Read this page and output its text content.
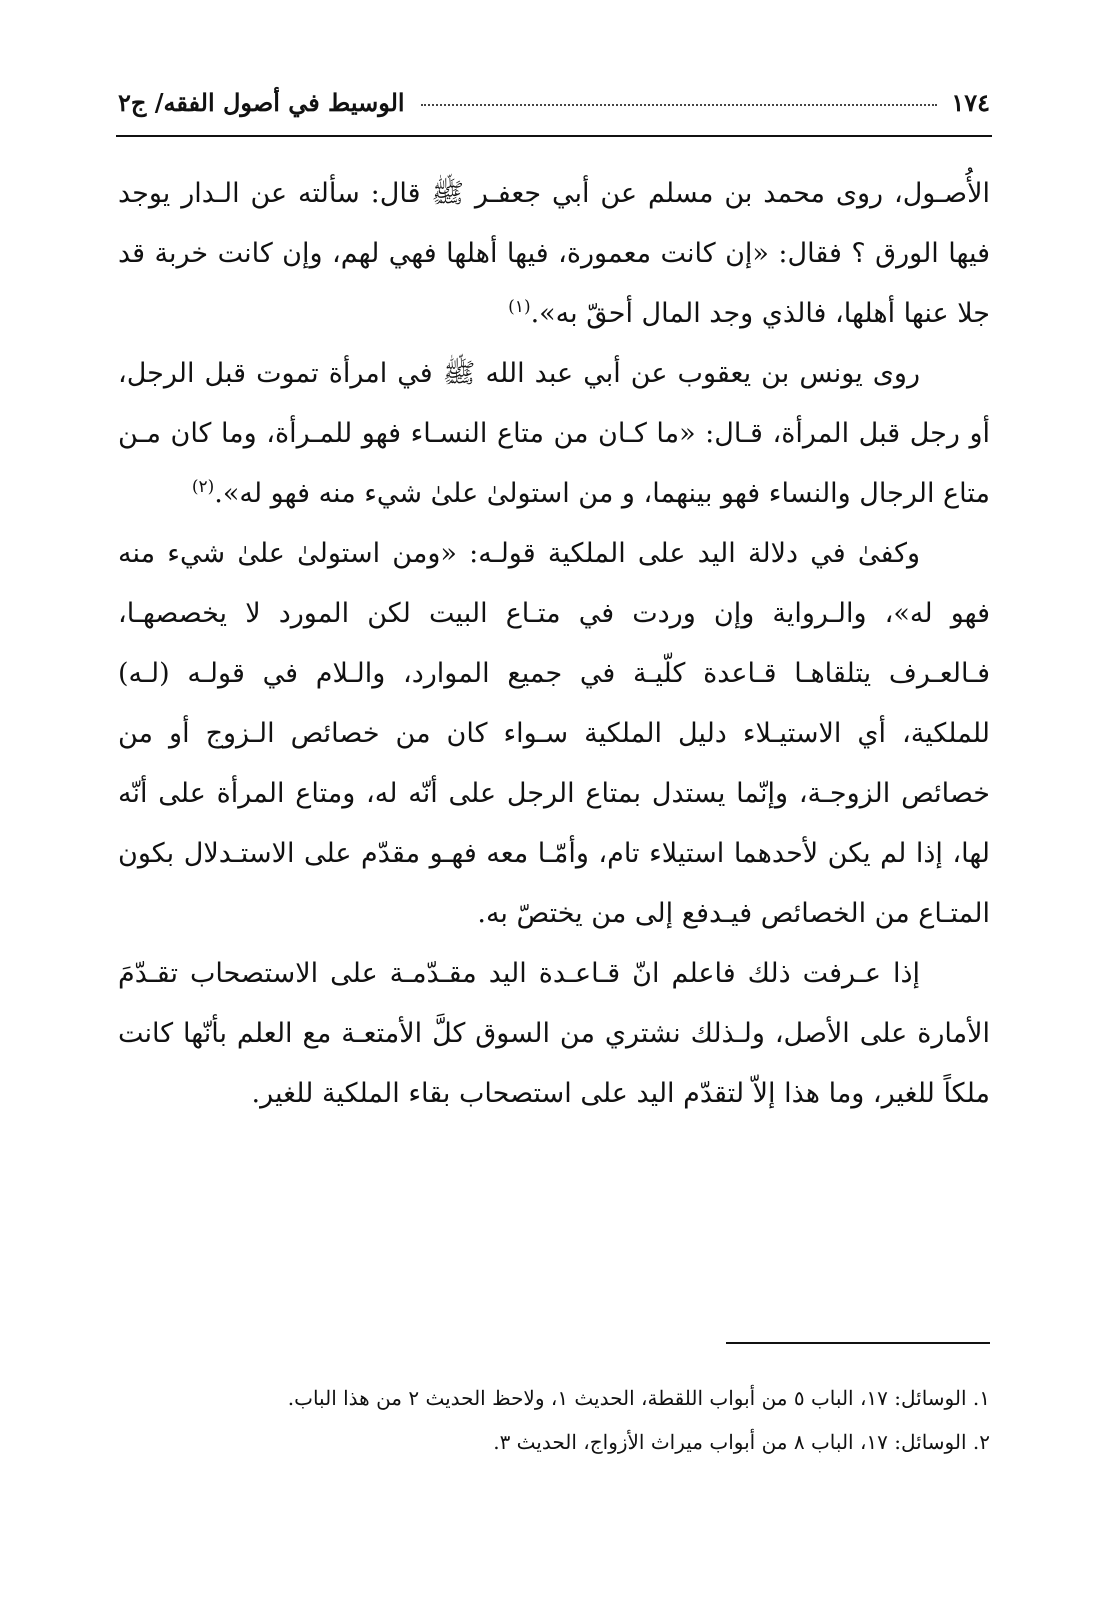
١٧٤
الوسيط في أصول الفقه/ ج٢

الأُصـول، روى محمد بن مسلم عن أبي جعفـر ﷺ قال: سألته عن الـدار يوجد فيها الورق ؟ فقال: «إن كانت معمورة، فيها أهلها فهي لهم، وإن كانت خربة قد جلا عنها أهلها، فالذي وجد المال أحقّ به».$^{(١)}$

روى يونس بن يعقوب عن أبي عبد الله ﷺ في امرأة تموت قبل الرجل، أو رجل قبل المرأة، قـال: «ما كـان من متاع النسـاء فهو للمـرأة، وما كان مـن متاع الرجال والنساء فهو بينهما، و من استولىٰ علىٰ شيء منه فهو له».$^{(٢)}$

وكفىٰ في دلالة اليد على الملكية قولـه: «ومن استولىٰ علىٰ شيء منه فهو له»، والـرواية وإن وردت في متـاع البيت لكن المورد لا يخصصهـا، فـالعـرف يتلقاهـا قـاعدة كلّيـة في جميع الموارد، والـلام في قولـه (لـه) للملكية، أي الاستيـلاء دليل الملكية سـواء كان من خصائص الـزوج أو من خصائص الزوجـة، وإنّما يستدل بمتاع الرجل على أنّه له، ومتاع المرأة على أنّه لها، إذا لم يكن لأحدهما استيلاء تام، وأمّـا معه فهـو مقدّم على الاستـدلال بكون المتـاع من الخصائص فيـدفع إلى من يختصّ به.

إذا عـرفت ذلك فاعلم انّ قـاعـدة اليد مقـدّمـة على الاستصحاب تقـدّمَ الأمارة على الأصل، ولـذلك نشتري من السوق كلَّ الأمتعـة مع العلم بأنّها كانت ملكاً للغير، وما هذا إلاّ لتقدّم اليد على استصحاب بقاء الملكية للغير.

١. الوسائل: ١٧، الباب ٥ من أبواب اللقطة، الحديث ١، ولاحظ الحديث ٢ من هذا الباب.
٢. الوسائل: ١٧، الباب ٨ من أبواب ميراث الأزواج، الحديث ٣.
